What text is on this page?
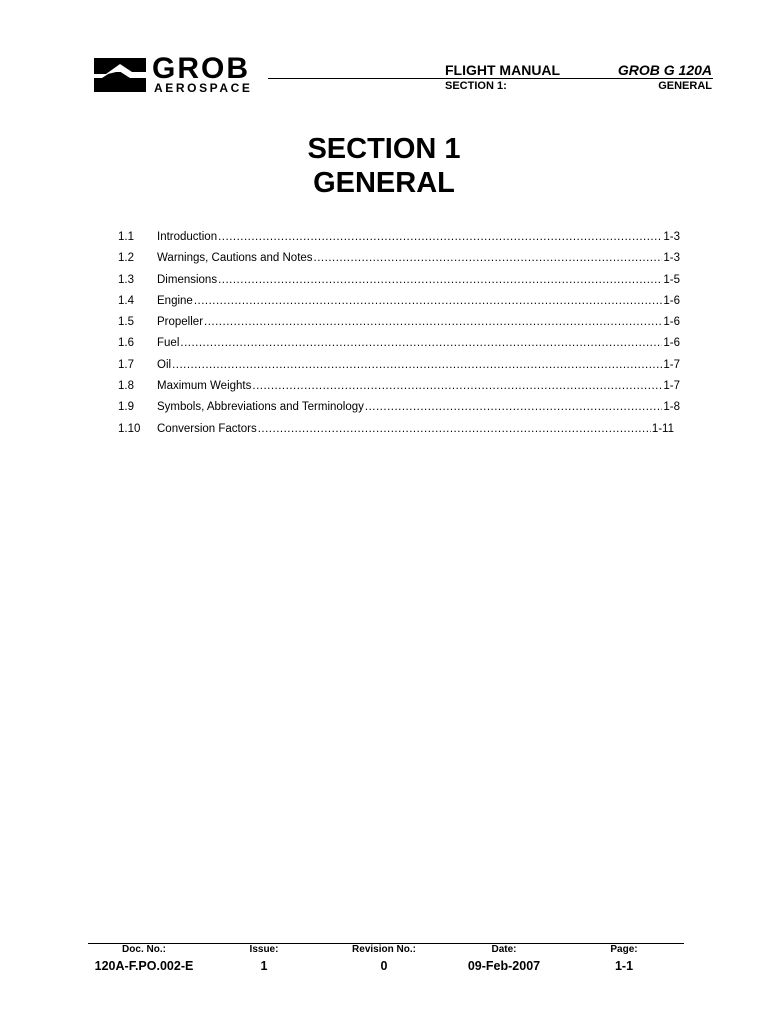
GROB
AEROSPACE
FLIGHT MANUAL	GROB G 120A
SECTION 1:	GENERAL
SECTION 1
GENERAL
1.1	Introduction .....	1-3
1.2	Warnings, Cautions and Notes .....	1-3
1.3	Dimensions .....	1-5
1.4	Engine .....	1-6
1.5	Propeller .....	1-6
1.6	Fuel .....	1-6
1.7	Oil .....	1-7
1.8	Maximum Weights .....	1-7
1.9	Symbols, Abbreviations and Terminology .....	1-8
1.10	Conversion Factors .....	1-11
Doc. No.:
120A-F.PO.002-E
Issue:
1
Revision No.:
0
Date:
09-Feb-2007
Page:
1-1
